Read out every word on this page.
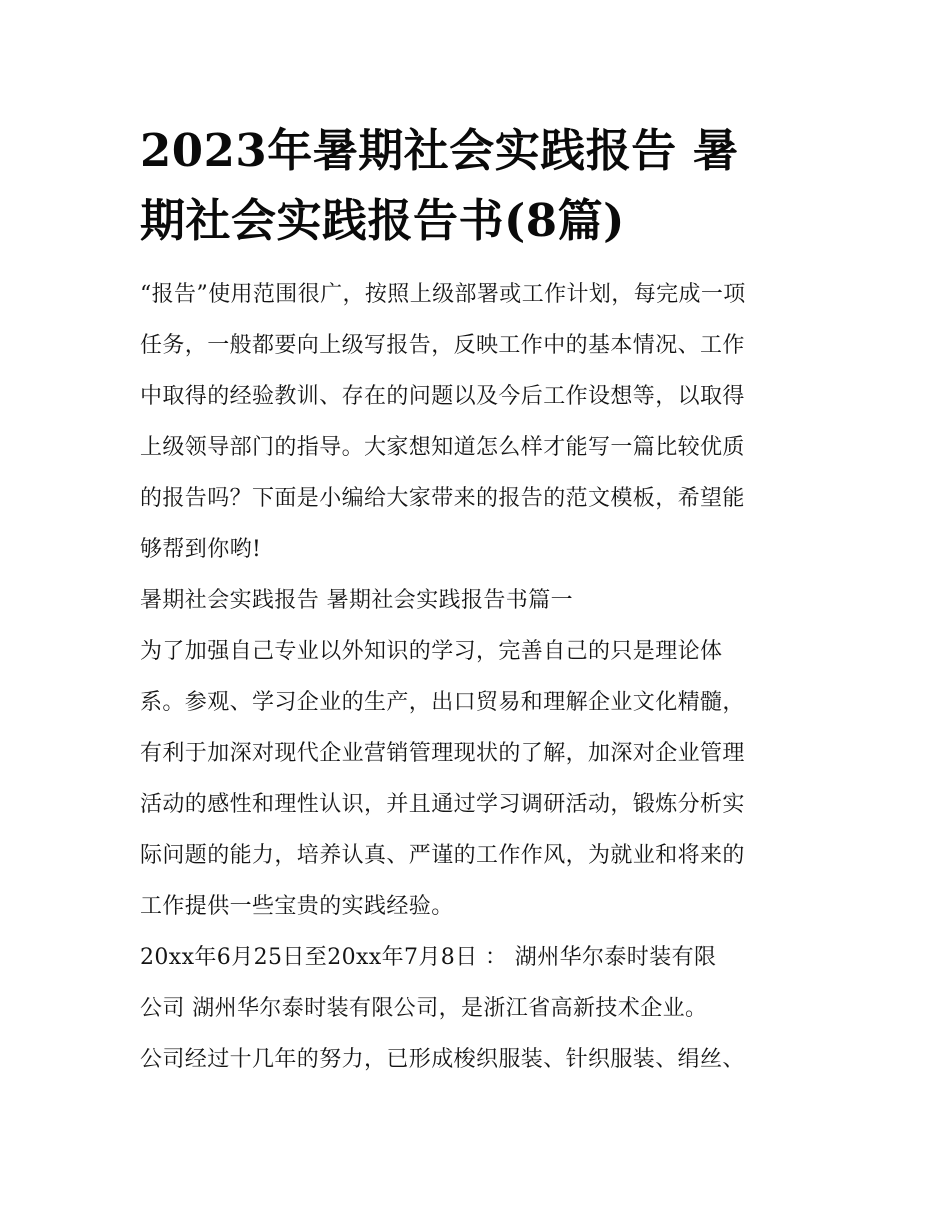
2023年暑期社会实践报告 暑
期社会实践报告书(8篇)

“报告”使用范围很广，按照上级部署或工作计划，每完成一项
任务，一般都要向上级写报告，反映工作中的基本情况、工作
中取得的经验教训、存在的问题以及今后工作设想等，以取得
上级领导部门的指导。大家想知道怎么样才能写一篇比较优质
的报告吗？下面是小编给大家带来的报告的范文模板，希望能
够帮到你哟!

暑期社会实践报告 暑期社会实践报告书篇一

为了加强自己专业以外知识的学习，完善自己的只是理论体
系。参观、学习企业的生产，出口贸易和理解企业文化精髓，
有利于加深对现代企业营销管理现状的了解，加深对企业管理
活动的感性和理性认识，并且通过学习调研活动，锻炼分析实
际问题的能力，培养认真、严谨的工作作风，为就业和将来的
工作提供一些宝贵的实践经验。

20xx年6月25日至20xx年7月8日 ： 湖州华尔泰时装有限
公司 湖州华尔泰时装有限公司，是浙江省高新技术企业。

公司经过十几年的努力，已形成梭织服装、针织服装、绢丝、
